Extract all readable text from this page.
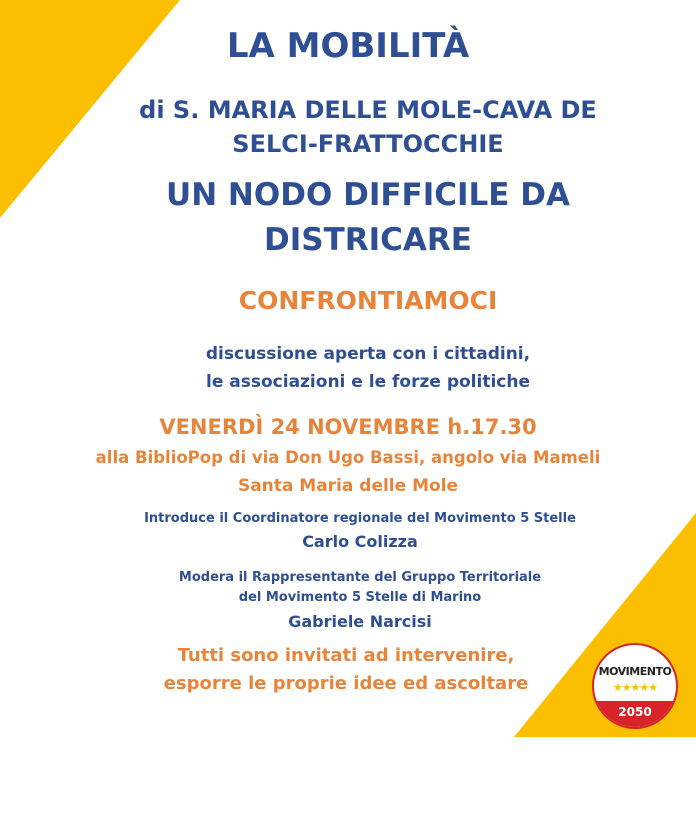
LA MOBILITÀ
di S. MARIA DELLE MOLE-CAVA DE
SELCI-FRATTOCCHIE
UN NODO DIFFICILE DA
DISTRICARE
CONFRONTIAMOCI
discussione aperta con i cittadini,
le associazioni e le forze politiche
VENERDÌ 24 NOVEMBRE h.17.30
alla BiblioPop di via Don Ugo Bassi, angolo via Mameli
Santa Maria delle Mole
Introduce il Coordinatore regionale del Movimento 5 Stelle
Carlo Colizza
Modera il Rappresentante del Gruppo Territoriale
del Movimento 5 Stelle di Marino
Gabriele Narcisi
Tutti sono invitati ad intervenire,
esporre le proprie idee ed ascoltare
MOVIMENTO
★★★★★
2050
